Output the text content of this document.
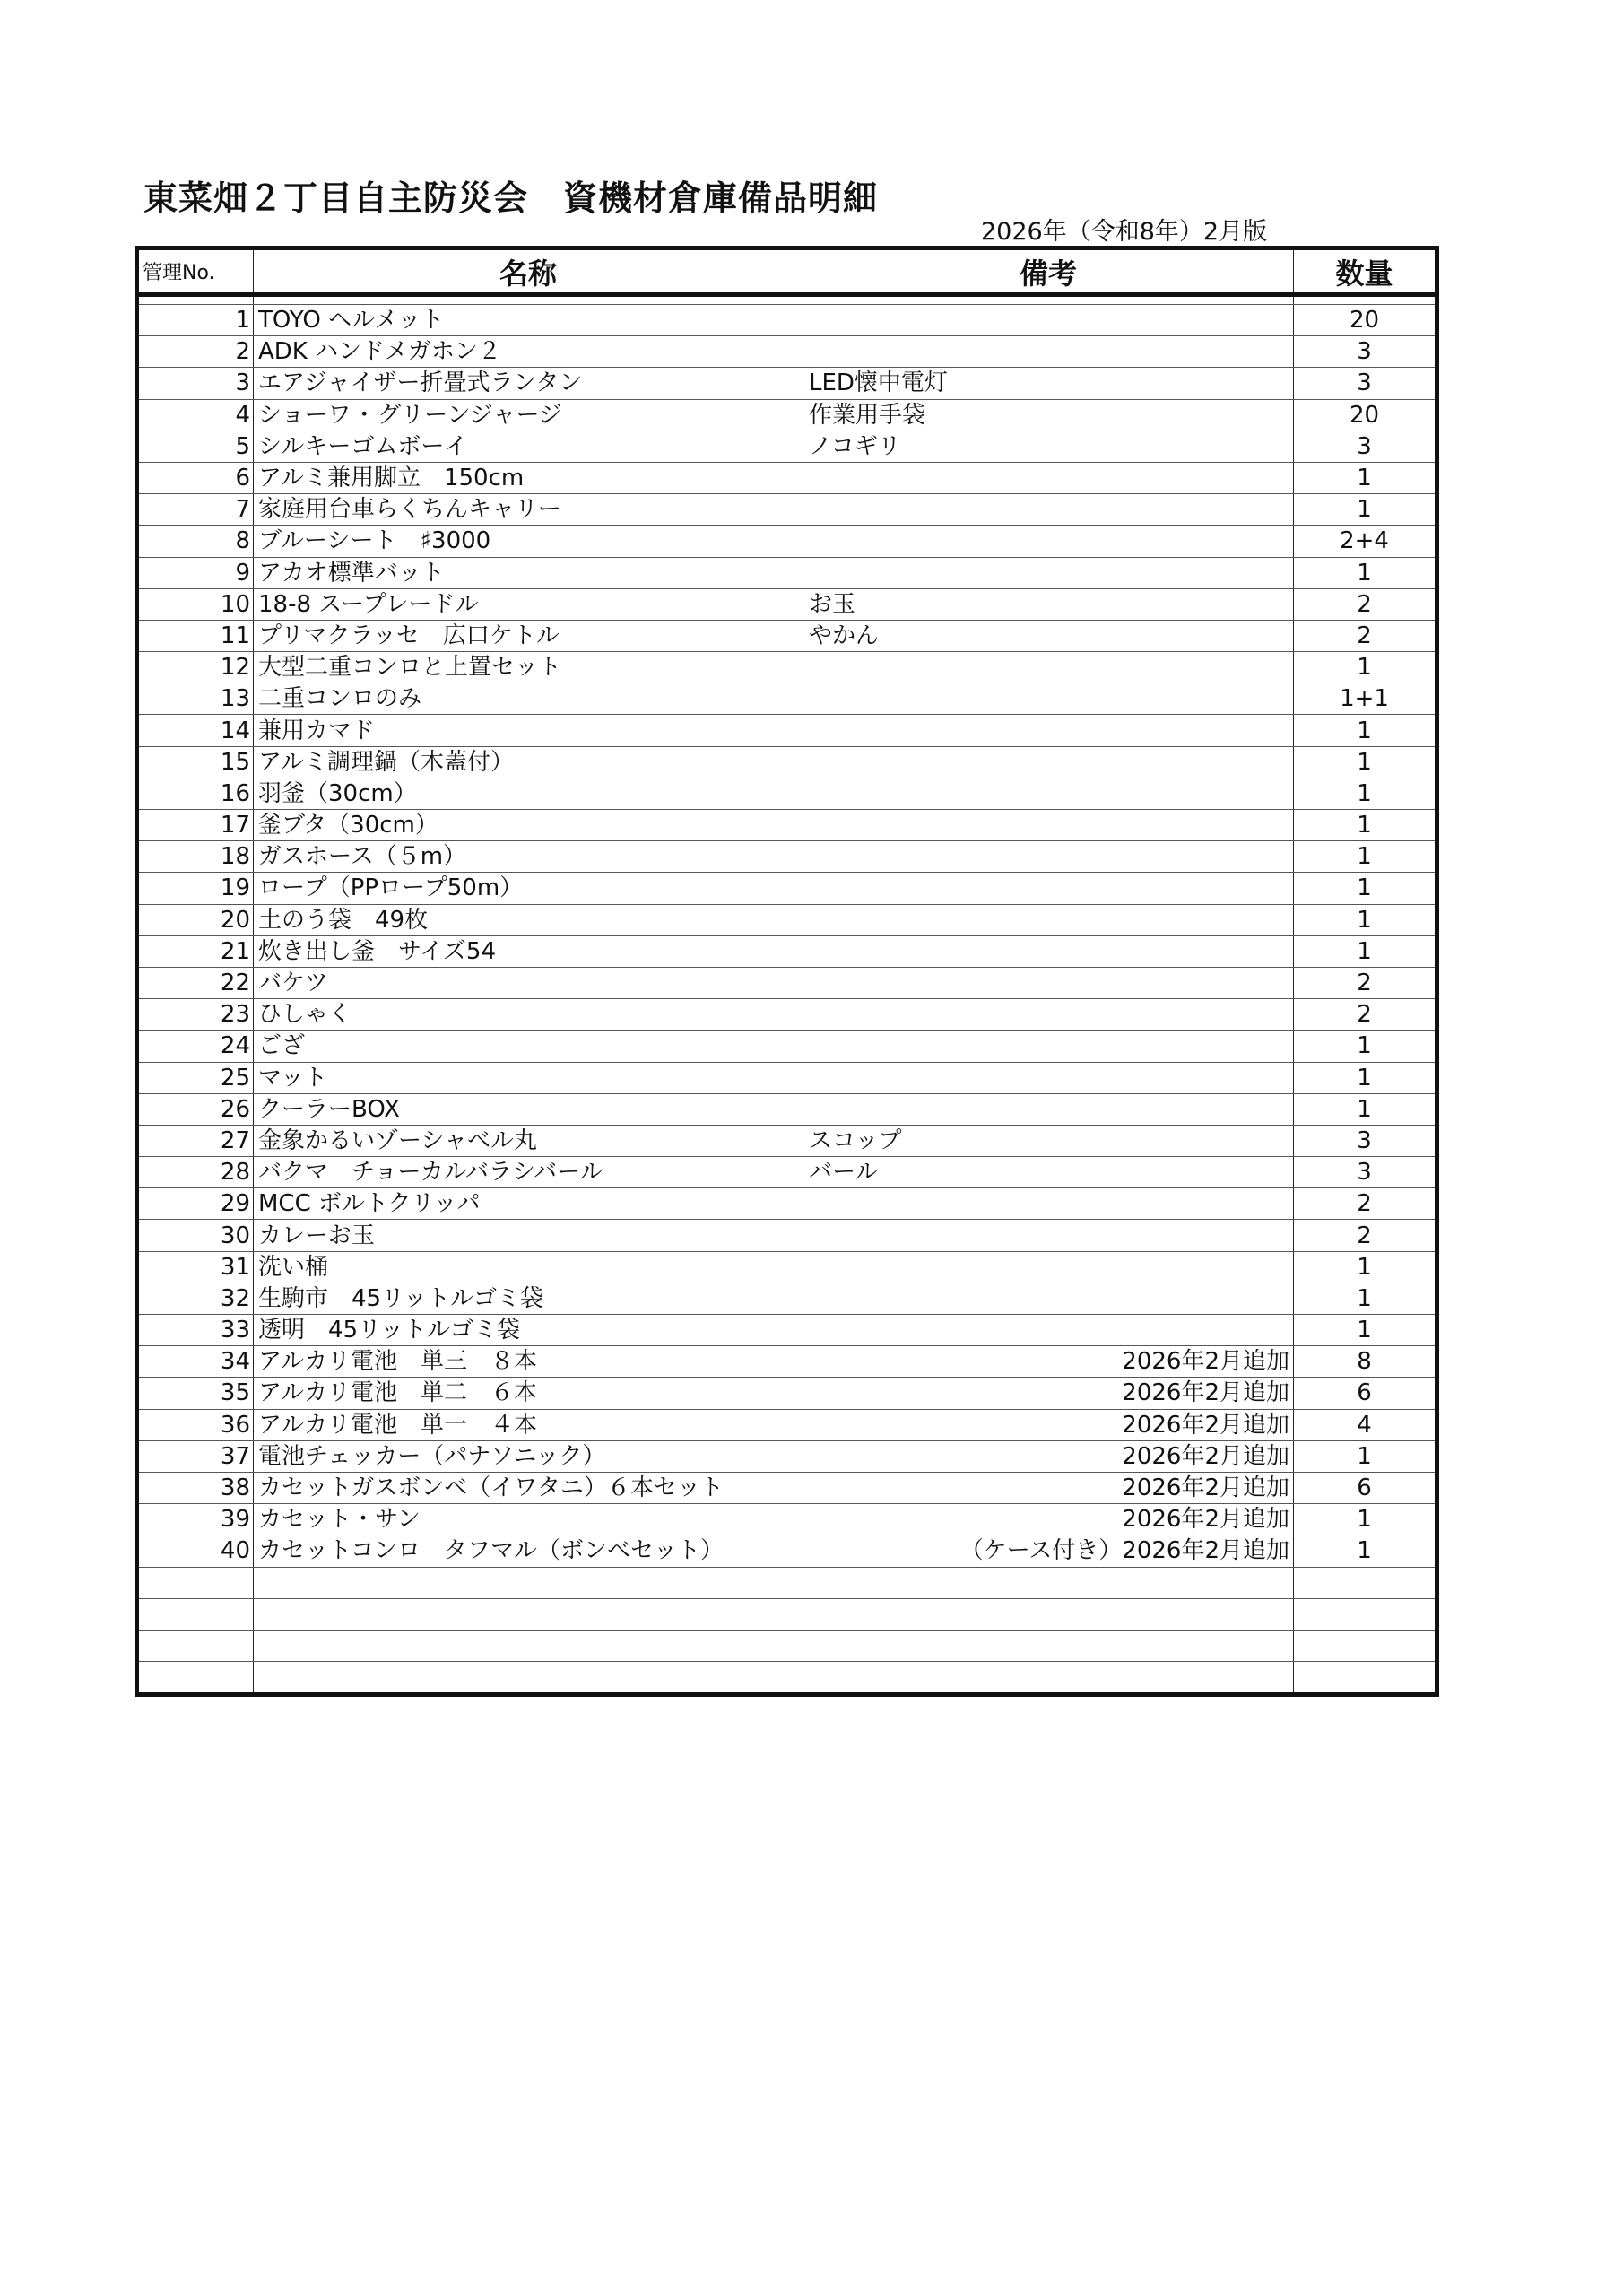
東菜畑２丁目自主防災会　資機材倉庫備品明細
2026年（令和8年）2月版
管理No.	名称	備考	数量

1	TOYO ヘルメット		20
2	ADK ハンドメガホン２		3
3	エアジャイザー折畳式ランタン	LED懐中電灯	3
4	ショーワ ･ グリーンジャージ	作業用手袋	20
5	シルキーゴムボーイ	ノコギリ	3
6	アルミ兼用脚立　150cm		1
7	家庭用台車らくちんキャリー		1
8	ブルーシート　♯3000		2+4
9	アカオ標準バット		1
10	18-8 スープレードル	お玉	2
11	プリマクラッセ　広口ケトル	やかん	2
12	大型二重コンロと上置セット		1
13	二重コンロのみ		1+1
14	兼用カマド		1
15	アルミ調理鍋（木蓋付）		1
16	羽釜（30cm）		1
17	釜ブタ（30cm）		1
18	ガスホース（５m）		1
19	ロープ（PPロープ50m）		1
20	土のう袋　49枚		1
21	炊き出し釜　サイズ54		1
22	バケツ		2
23	ひしゃく		2
24	ござ		1
25	マット		1
26	クーラーBOX		1
27	金象かるいゾーシャベル丸	スコップ	3
28	バクマ　チョーカルバラシバール	バール	3
29	MCC ボルトクリッパ		2
30	カレーお玉		2
31	洗い桶		1
32	生駒市　45リットルゴミ袋		1
33	透明　45リットルゴミ袋		1
34	アルカリ電池　単三　８本	2026年2月追加	8
35	アルカリ電池　単二　６本	2026年2月追加	6
36	アルカリ電池　単一　４本	2026年2月追加	4
37	電池チェッカー（パナソニック）	2026年2月追加	1
38	カセットガスボンベ（イワタニ）６本セット	2026年2月追加	6
39	カセット・サン	2026年2月追加	1
40	カセットコンロ　タフマル（ボンベセット）	（ケース付き）2026年2月追加	1
